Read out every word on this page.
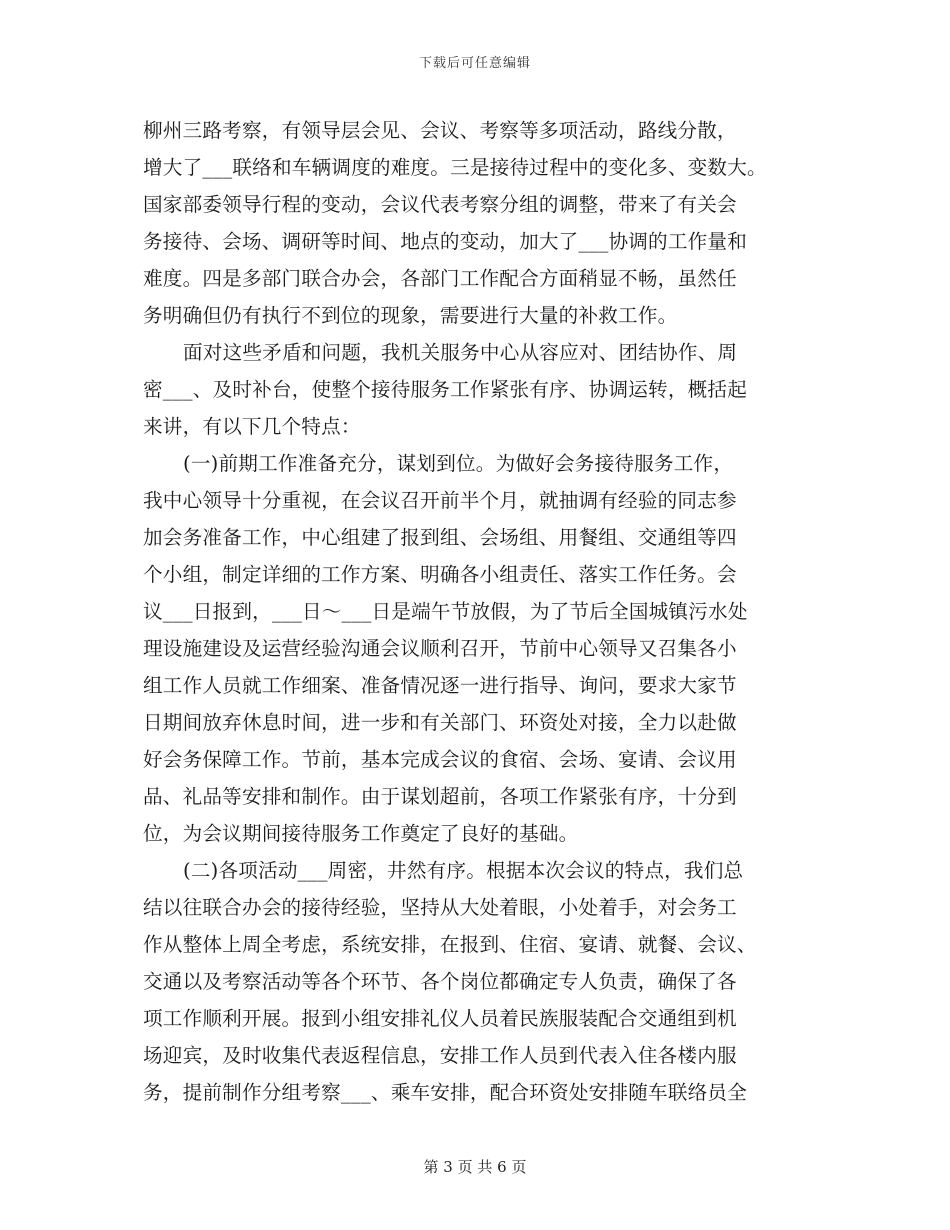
下载后可任意编辑
柳州三路考察，有领导层会见、会议、考察等多项活动，路线分散，
增大了___联络和车辆调度的难度。三是接待过程中的变化多、变数大。
国家部委领导行程的变动，会议代表考察分组的调整，带来了有关会
务接待、会场、调研等时间、地点的变动，加大了___协调的工作量和
难度。四是多部门联合办会，各部门工作配合方面稍显不畅，虽然任
务明确但仍有执行不到位的现象，需要进行大量的补救工作。
面对这些矛盾和问题，我机关服务中心从容应对、团结协作、周
密___、及时补台，使整个接待服务工作紧张有序、协调运转，概括起
来讲，有以下几个特点：
(一)前期工作准备充分，谋划到位。为做好会务接待服务工作，
我中心领导十分重视，在会议召开前半个月，就抽调有经验的同志参
加会务准备工作，中心组建了报到组、会场组、用餐组、交通组等四
个小组，制定详细的工作方案、明确各小组责任、落实工作任务。会
议___日报到，___日～___日是端午节放假，为了节后全国城镇污水处
理设施建设及运营经验沟通会议顺利召开，节前中心领导又召集各小
组工作人员就工作细案、准备情况逐一进行指导、询问，要求大家节
日期间放弃休息时间，进一步和有关部门、环资处对接，全力以赴做
好会务保障工作。节前，基本完成会议的食宿、会场、宴请、会议用
品、礼品等安排和制作。由于谋划超前，各项工作紧张有序，十分到
位，为会议期间接待服务工作奠定了良好的基础。
(二)各项活动___周密，井然有序。根据本次会议的特点，我们总
结以往联合办会的接待经验，坚持从大处着眼，小处着手，对会务工
作从整体上周全考虑，系统安排，在报到、住宿、宴请、就餐、会议、
交通以及考察活动等各个环节、各个岗位都确定专人负责，确保了各
项工作顺利开展。报到小组安排礼仪人员着民族服装配合交通组到机
场迎宾，及时收集代表返程信息，安排工作人员到代表入住各楼内服
务，提前制作分组考察___、乘车安排，配合环资处安排随车联络员全
第 3 页 共 6 页
